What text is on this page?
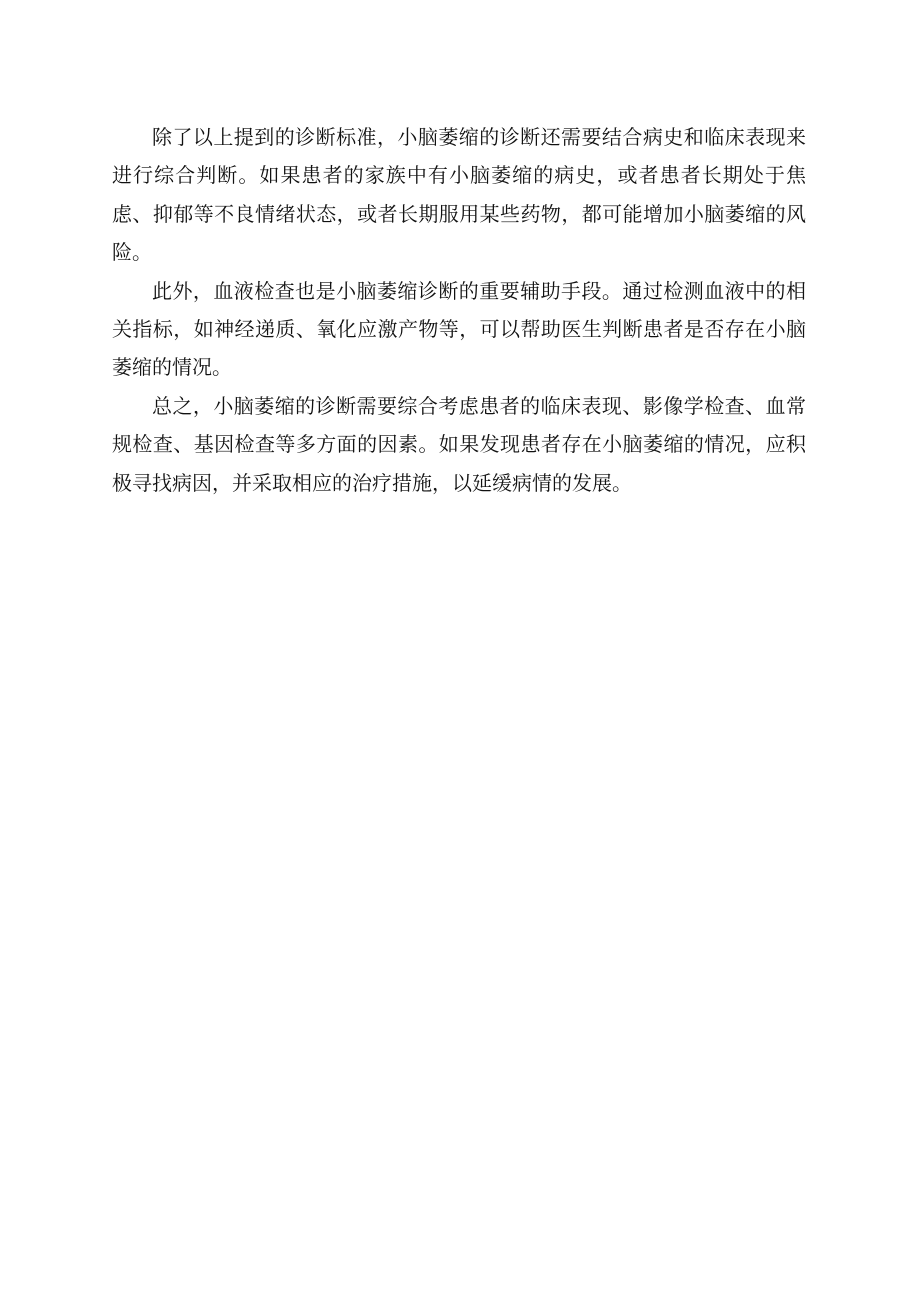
除了以上提到的诊断标准，小脑萎缩的诊断还需要结合病史和临床表现来进行综合判断。如果患者的家族中有小脑萎缩的病史，或者患者长期处于焦虑、抑郁等不良情绪状态，或者长期服用某些药物，都可能增加小脑萎缩的风险。

此外，血液检查也是小脑萎缩诊断的重要辅助手段。通过检测血液中的相关指标，如神经递质、氧化应激产物等，可以帮助医生判断患者是否存在小脑萎缩的情况。

总之，小脑萎缩的诊断需要综合考虑患者的临床表现、影像学检查、血常规检查、基因检查等多方面的因素。如果发现患者存在小脑萎缩的情况，应积极寻找病因，并采取相应的治疗措施，以延缓病情的发展。
